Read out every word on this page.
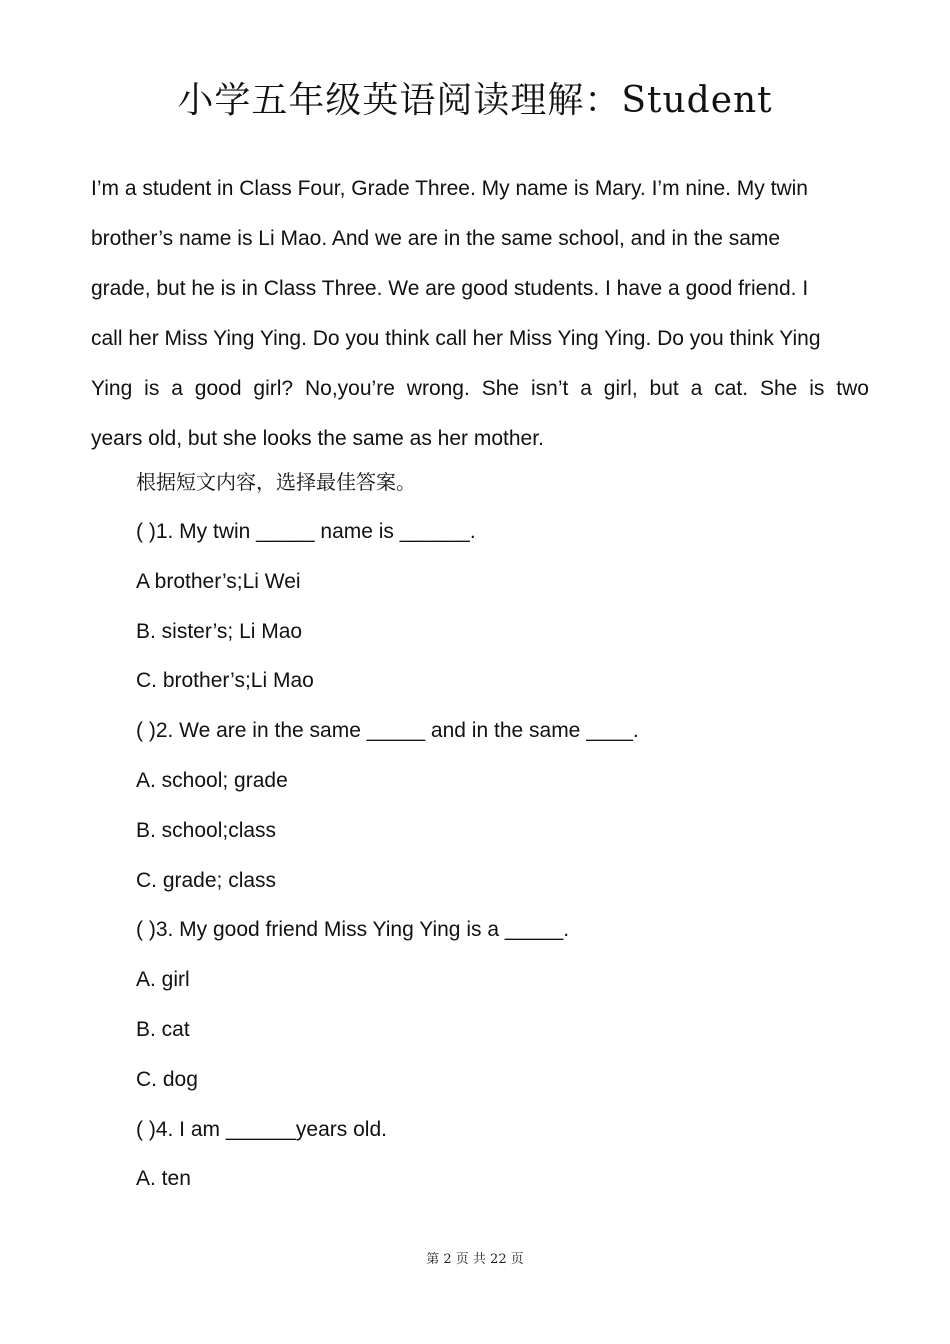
小学五年级英语阅读理解：Student
I’m a student in Class Four, Grade Three. My name is Mary. I’m nine. My twin
brother’s name is Li Mao. And we are in the same school, and in the same
grade, but he is in Class Three. We are good students. I have a good friend. I
call her Miss Ying Ying. Do you think call her Miss Ying Ying. Do you think Ying
Ying is a good girl? No,you’re wrong. She isn’t a girl, but a cat. She is two
years old, but she looks the same as her mother.
根据短文内容，选择最佳答案。
( )1. My twin _____ name is ______.
A brother’s;Li Wei
B. sister’s; Li Mao
C. brother’s;Li Mao
( )2. We are in the same _____ and in the same ____.
A. school; grade
B. school;class
C. grade; class
( )3. My good friend Miss Ying Ying is a _____.
A. girl
B. cat
C. dog
( )4. I am ______years old.
A. ten
第 2 页 共 22 页
